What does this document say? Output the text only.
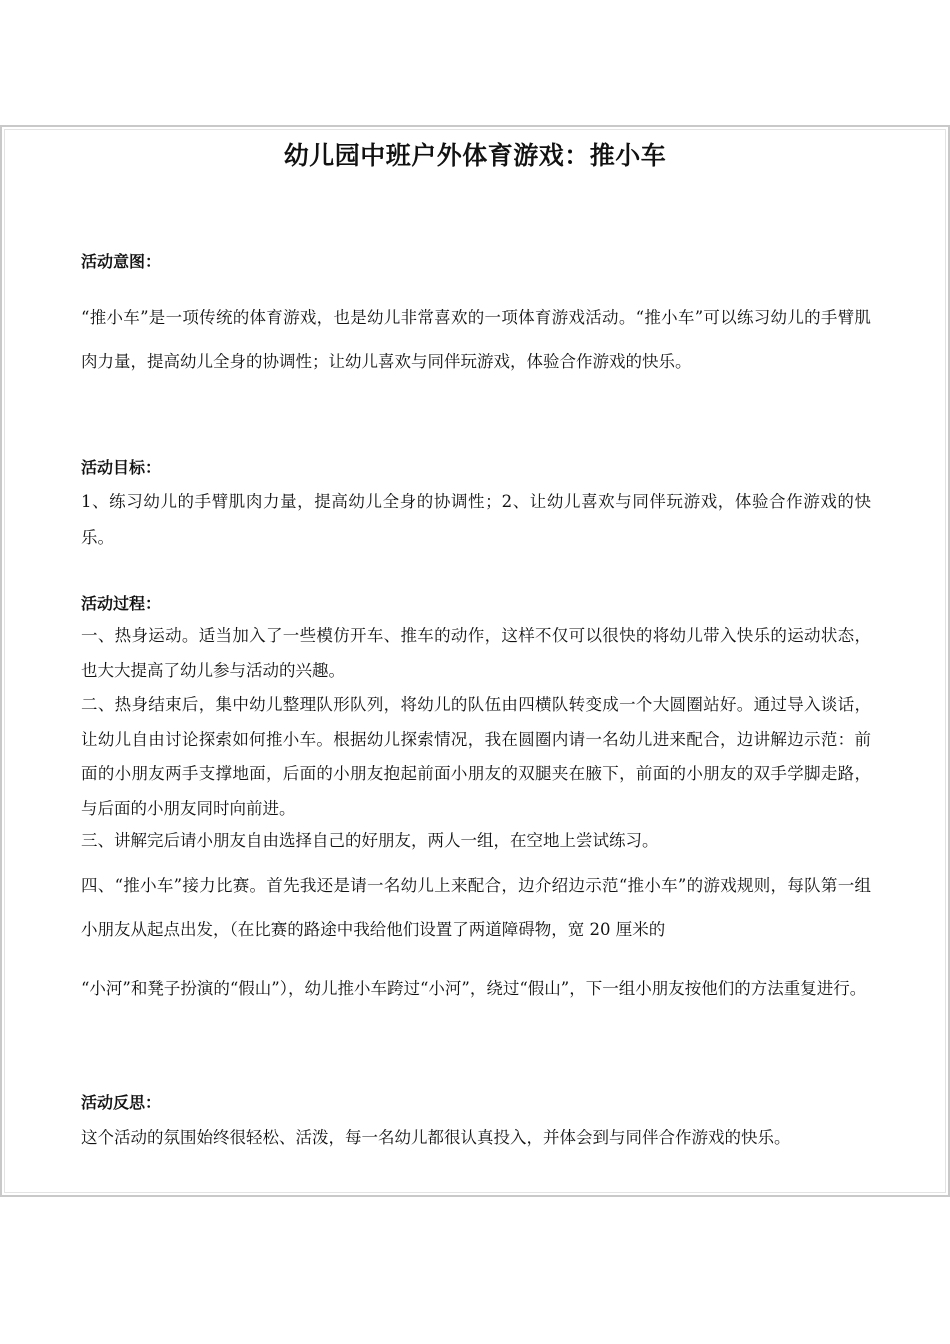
幼儿园中班户外体育游戏：推小车
活动意图：
“推小车”是一项传统的体育游戏，也是幼儿非常喜欢的一项体育游戏活动。“推小车”可以练习幼儿的手臂肌肉力量，提高幼儿全身的协调性；让幼儿喜欢与同伴玩游戏，体验合作游戏的快乐。
活动目标：
1、练习幼儿的手臂肌肉力量，提高幼儿全身的协调性；2、让幼儿喜欢与同伴玩游戏，体验合作游戏的快乐。
活动过程：
一、热身运动。适当加入了一些模仿开车、推车的动作，这样不仅可以很快的将幼儿带入快乐的运动状态，也大大提高了幼儿参与活动的兴趣。
二、热身结束后，集中幼儿整理队形队列，将幼儿的队伍由四横队转变成一个大圆圈站好。通过导入谈话，让幼儿自由讨论探索如何推小车。根据幼儿探索情况，我在圆圈内请一名幼儿进来配合，边讲解边示范：前面的小朋友两手支撑地面，后面的小朋友抱起前面小朋友的双腿夹在腋下，前面的小朋友的双手学脚走路，与后面的小朋友同时向前进。
三、讲解完后请小朋友自由选择自己的好朋友，两人一组，在空地上尝试练习。
四、“推小车”接力比赛。首先我还是请一名幼儿上来配合，边介绍边示范“推小车”的游戏规则，每队第一组小朋友从起点出发，（在比赛的路途中我给他们设置了两道障碍物，宽 20 厘米的
“小河”和凳子扮演的“假山”），幼儿推小车跨过“小河”，绕过“假山”，下一组小朋友按他们的方法重复进行。
活动反思：
这个活动的氛围始终很轻松、活泼，每一名幼儿都很认真投入，并体会到与同伴合作游戏的快乐。
